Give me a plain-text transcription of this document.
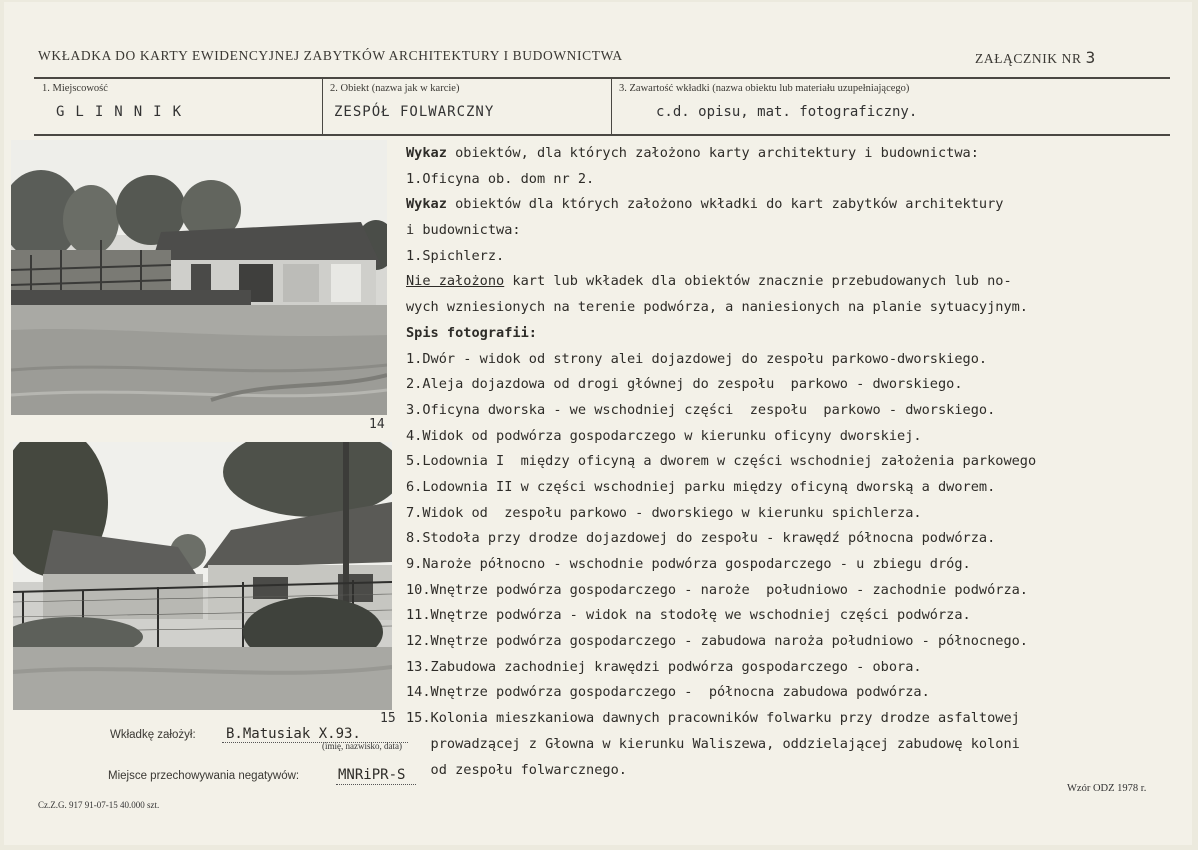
WKŁADKA DO KARTY EWIDENCYJNEJ ZABYTKÓW ARCHITEKTURY I BUDOWNICTWA	ZAŁĄCZNIK NR 3
1. Miejscowość
GLINNIK
2. Obiekt (nazwa jak w karcie)
ZESPÓŁ FOLWARCZNY
3. Zawartość wkładki (nazwa obiektu lub materiału uzupełniającego)
c.d. opisu, mat. fotograficzny.
14
15
Wykaz obiektów, dla których założono karty architektury i budownictwa:
1.Oficyna ob. dom nr 2.
Wykaz obiektów dla których założono wkładki do kart zabytków architektury
i budownictwa:
1.Spichlerz.
Nie założono kart lub wkładek dla obiektów znacznie przebudowanych lub no-
wych wzniesionych na terenie podwórza, a naniesionych na planie sytuacyjnym.
Spis fotografii:
1.Dwór - widok od strony alei dojazdowej do zespołu parkowo-dworskiego.
2.Aleja dojazdowa od drogi głównej do zespołu  parkowo - dworskiego.
3.Oficyna dworska - we wschodniej części  zespołu  parkowo - dworskiego.
4.Widok od podwórza gospodarczego w kierunku oficyny dworskiej.
5.Lodownia I  między oficyną a dworem w części wschodniej założenia parkowego
6.Lodownia II w części wschodniej parku między oficyną dworską a dworem.
7.Widok od  zespołu parkowo - dworskiego w kierunku spichlerza.
8.Stodoła przy drodze dojazdowej do zespołu - krawędź północna podwórza.
9.Naroże północno - wschodnie podwórza gospodarczego - u zbiegu dróg.
10.Wnętrze podwórza gospodarczego - naroże  południowo - zachodnie podwórza.
11.Wnętrze podwórza - widok na stodołę we wschodniej części podwórza.
12.Wnętrze podwórza gospodarczego - zabudowa naroża południowo - północnego.
13.Zabudowa zachodniej krawędzi podwórza gospodarczego - obora.
14.Wnętrze podwórza gospodarczego -  północna zabudowa podwórza.
15.Kolonia mieszkaniowa dawnych pracowników folwarku przy drodze asfaltowej
prowadzącej z Głowna w kierunku Waliszewa, oddzielającej zabudowę koloni
od zespołu folwarcznego.
Wkładkę założył: B.Matusiak X.93.
(imię, nazwisko, data)
Miejsce przechowywania negatywów:	MNRiPR-S
Cz.Z.G. 917 91-07-15 40.000 szt.
Wzór ODZ 1978 r.
